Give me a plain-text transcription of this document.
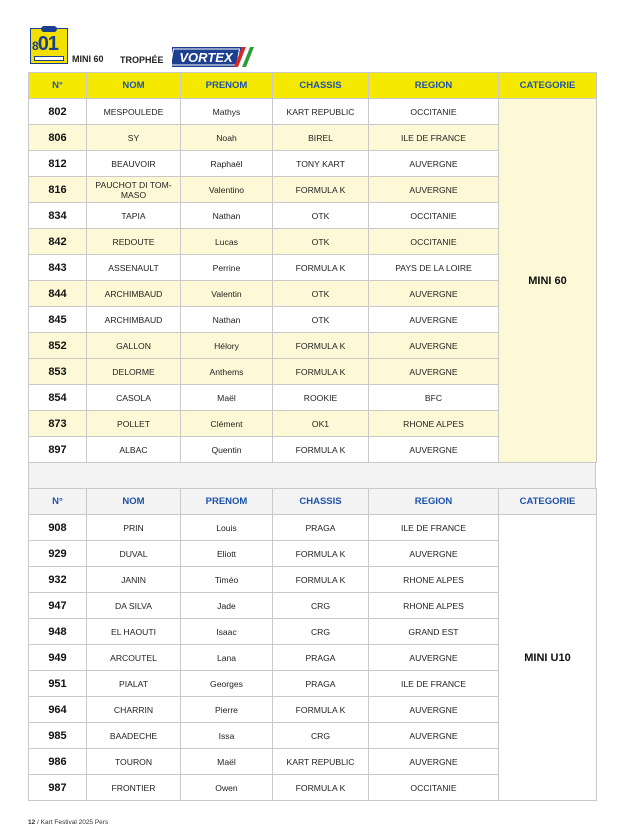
801
MINI 60 TROPHÉE VORTEX
N°	NOM	PRENOM	CHASSIS	REGION	CATEGORIE
802	MESPOULEDE	Mathys	KART REPUBLIC	OCCITANIE	MINI 60
806	SY	Noah	BIREL	ILE DE FRANCE	
812	BEAUVOIR	Raphaël	TONY KART	AUVERGNE	
816	PAUCHOT DI TOM-MASO	Valentino	FORMULA K	AUVERGNE	
834	TAPIA	Nathan	OTK	OCCITANIE	
842	REDOUTE	Lucas	OTK	OCCITANIE	
843	ASSENAULT	Perrine	FORMULA K	PAYS DE LA LOIRE	
844	ARCHIMBAUD	Valentin	OTK	AUVERGNE	
845	ARCHIMBAUD	Nathan	OTK	AUVERGNE	
852	GALLON	Hélory	FORMULA K	AUVERGNE	
853	DELORME	Anthems	FORMULA K	AUVERGNE	
854	CASOLA	Maël	ROOKIE	BFC	
873	POLLET	Clément	OK1	RHONE ALPES	
897	ALBAC	Quentin	FORMULA K	AUVERGNE	
N°	NOM	PRENOM	CHASSIS	REGION	CATEGORIE
908	PRIN	Louis	PRAGA	ILE DE FRANCE	MINI U10
929	DUVAL	Eliott	FORMULA K	AUVERGNE	
932	JANIN	Timéo	FORMULA K	RHONE ALPES	
947	DA SILVA	Jade	CRG	RHONE ALPES	
948	EL HAOUTI	Isaac	CRG	GRAND EST	
949	ARCOUTEL	Lana	PRAGA	AUVERGNE	
951	PIALAT	Georges	PRAGA	ILE DE FRANCE	
964	CHARRIN	Pierre	FORMULA K	AUVERGNE	
985	BAADECHE	Issa	CRG	AUVERGNE	
986	TOURON	Maël	KART REPUBLIC	AUVERGNE	
987	FRONTIER	Owen	FORMULA K	OCCITANIE	
12 / Kart Festival 2025 Pers
